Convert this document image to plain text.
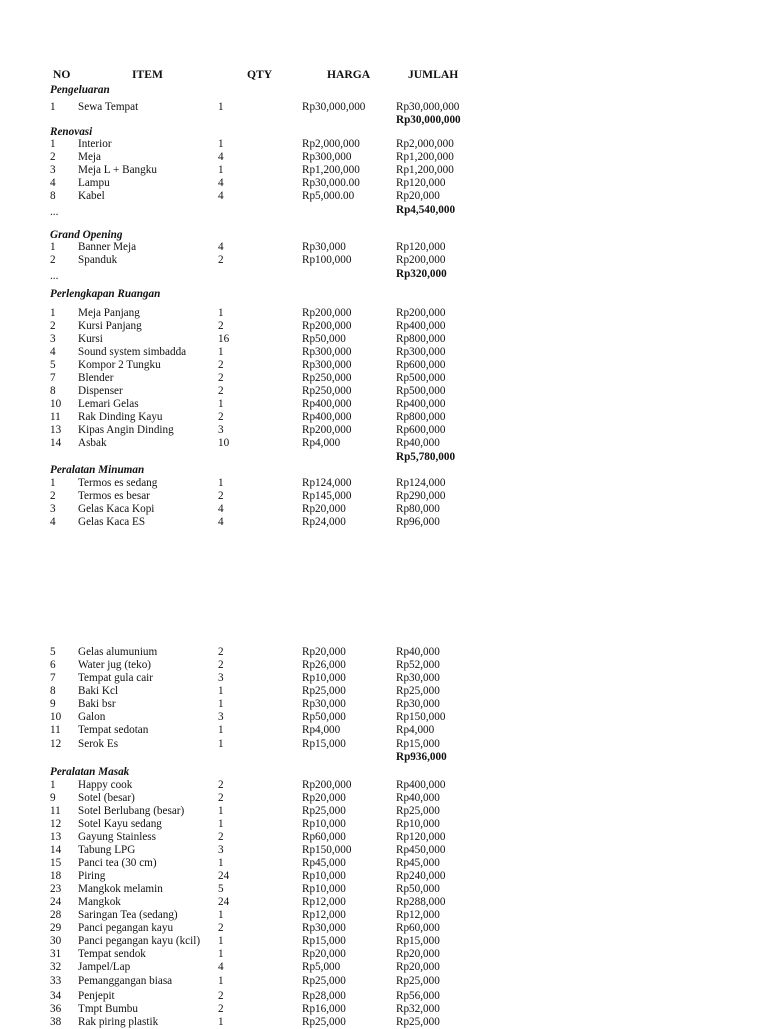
NO	ITEM	QTY	HARGA	JUMLAH
Pengeluaran
1 Sewa Tempat	1	Rp30,000,000	Rp30,000,000
Rp30,000,000
Renovasi
1 Interior	1	Rp2,000,000	Rp2,000,000
2 Meja	4	Rp300,000	Rp1,200,000
3 Meja L + Bangku	1	Rp1,200,000	Rp1,200,000
4 Lampu	4	Rp30,000.00	Rp120,000
8 Kabel	4	Rp5,000.00	Rp20,000
Rp4,540,000
...
Grand Opening
1 Banner Meja	4	Rp30,000	Rp120,000
2 Spanduk	2	Rp100,000	Rp200,000
Rp320,000
...
Perlengkapan Ruangan
1 Meja Panjang	1	Rp200,000	Rp200,000
2 Kursi Panjang	2	Rp200,000	Rp400,000
3 Kursi	16	Rp50,000	Rp800,000
4 Sound system simbadda	1	Rp300,000	Rp300,000
5 Kompor 2 Tungku	2	Rp300,000	Rp600,000
7 Blender	2	Rp250,000	Rp500,000
8 Dispenser	2	Rp250,000	Rp500,000
10 Lemari Gelas	1	Rp400,000	Rp400,000
11 Rak Dinding Kayu	2	Rp400,000	Rp800,000
13 Kipas Angin Dinding	3	Rp200,000	Rp600,000
14 Asbak	10	Rp4,000	Rp40,000
Rp5,780,000
Peralatan Minuman
1 Termos es sedang	1	Rp124,000	Rp124,000
2 Termos es besar	2	Rp145,000	Rp290,000
3 Gelas Kaca Kopi	4	Rp20,000	Rp80,000
4 Gelas Kaca ES	4	Rp24,000	Rp96,000
5 Gelas alumunium	2	Rp20,000	Rp40,000
6 Water jug (teko)	2	Rp26,000	Rp52,000
7 Tempat gula cair	3	Rp10,000	Rp30,000
8 Baki Kcl	1	Rp25,000	Rp25,000
9 Baki bsr	1	Rp30,000	Rp30,000
10 Galon	3	Rp50,000	Rp150,000
11 Tempat sedotan	1	Rp4,000	Rp4,000
12 Serok Es	1	Rp15,000	Rp15,000
Rp936,000
Peralatan Masak
1 Happy cook	2	Rp200,000	Rp400,000
9 Sotel (besar)	2	Rp20,000	Rp40,000
11 Sotel Berlubang (besar)	1	Rp25,000	Rp25,000
12 Sotel Kayu sedang	1	Rp10,000	Rp10,000
13 Gayung Stainless	2	Rp60,000	Rp120,000
14 Tabung LPG	3	Rp150,000	Rp450,000
15 Panci tea (30 cm)	1	Rp45,000	Rp45,000
18 Piring	24	Rp10,000	Rp240,000
23 Mangkok melamin	5	Rp10,000	Rp50,000
24 Mangkok	24	Rp12,000	Rp288,000
28 Saringan Tea (sedang)	1	Rp12,000	Rp12,000
29 Panci pegangan kayu	2	Rp30,000	Rp60,000
30 Panci pegangan kayu (kcil) 1	Rp15,000	Rp15,000
31 Tempat sendok	1	Rp20,000	Rp20,000
32 Jampel/Lap	4	Rp5,000	Rp20,000
33 Pemanggangan biasa	1	Rp25,000	Rp25,000
34 Penjepit	2	Rp28,000	Rp56,000
36 Tmpt Bumbu	2	Rp16,000	Rp32,000
38 Rak piring plastik	1	Rp25,000	Rp25,000
